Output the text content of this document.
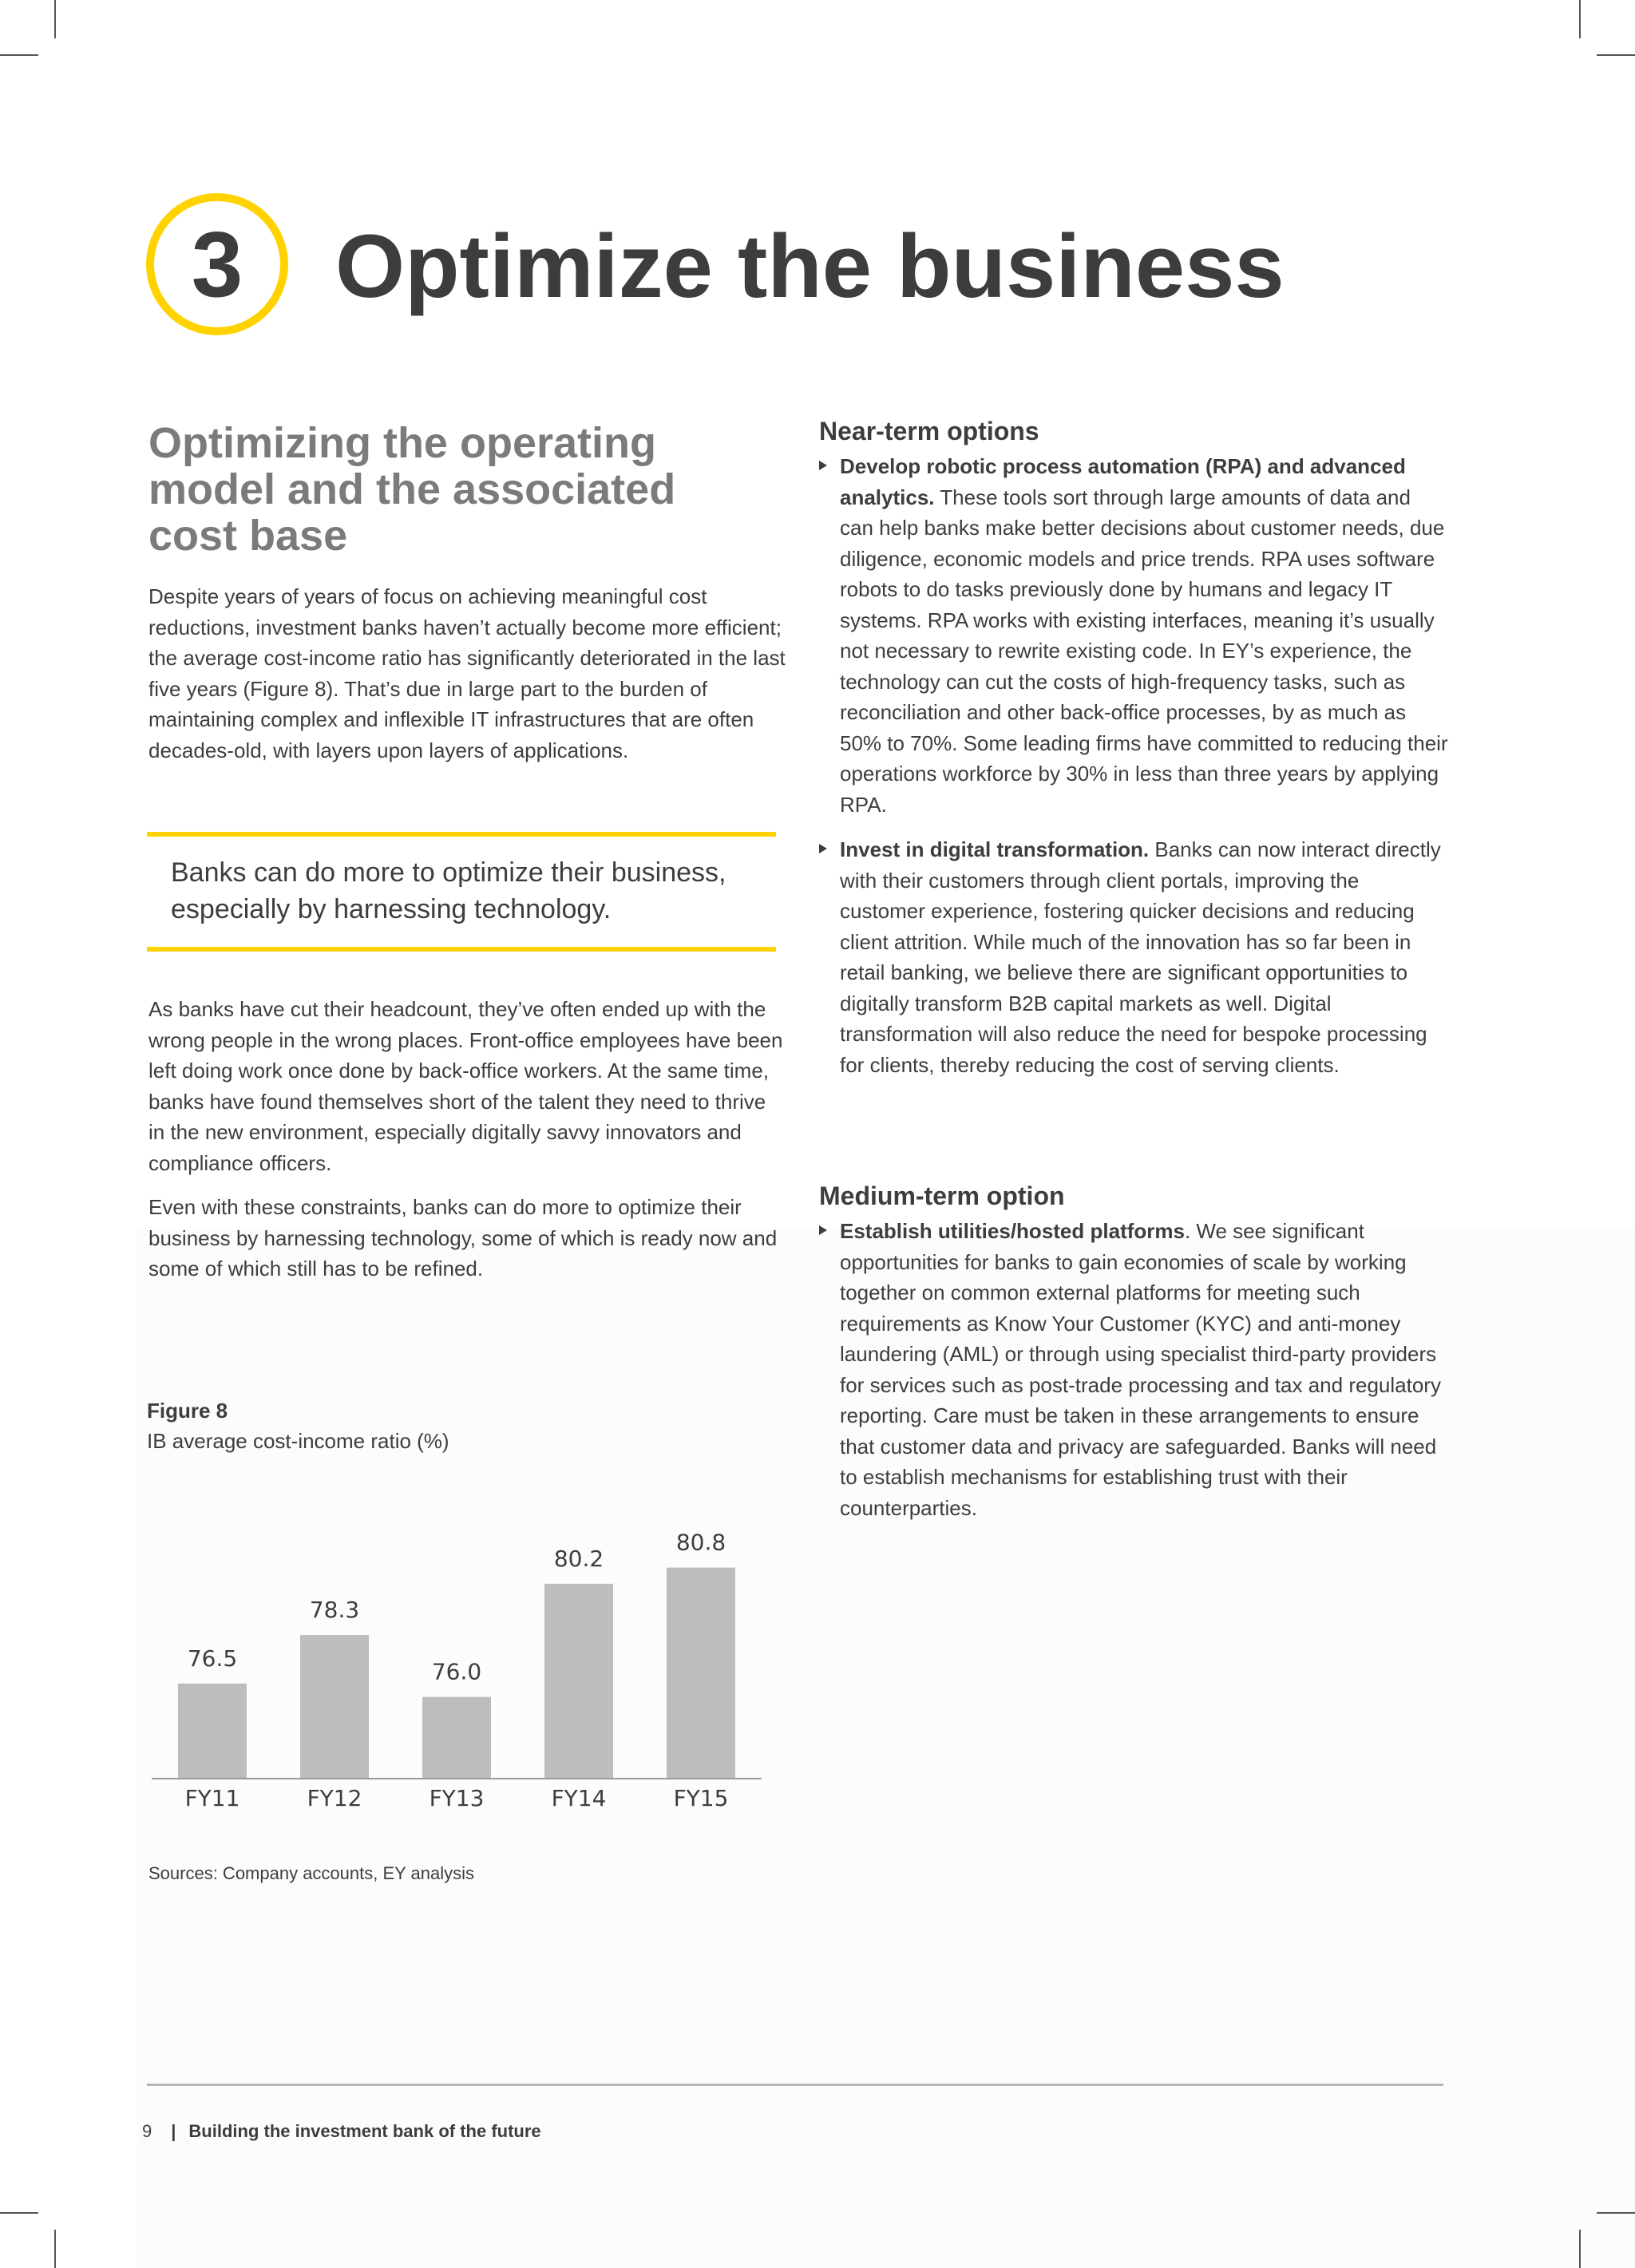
3 Optimize the business
Optimizing the operating model and the associated cost base

Despite years of years of focus on achieving meaningful cost reductions, investment banks haven’t actually become more efficient; the average cost-income ratio has significantly deteriorated in the last five years (Figure 8). That’s due in large part to the burden of maintaining complex and inflexible IT infrastructures that are often decades-old, with layers upon layers of applications.

Banks can do more to optimize their business, especially by harnessing technology.

As banks have cut their headcount, they’ve often ended up with the wrong people in the wrong places. Front-office employees have been left doing work once done by back-office workers. At the same time, banks have found themselves short of the talent they need to thrive in the new environment, especially digitally savvy innovators and compliance officers.

Even with these constraints, banks can do more to optimize their business by harnessing technology, some of which is ready now and some of which still has to be refined.

Figure 8
IB average cost-income ratio (%)
76.5
FY11
78.3
FY12
76.0
FY13
80.2
FY14
80.8
FY15
Sources: Company accounts, EY analysis
Near-term options

Develop robotic process automation (RPA) and advanced analytics. These tools sort through large amounts of data and can help banks make better decisions about customer needs, due diligence, economic models and price trends. RPA uses software robots to do tasks previously done by humans and legacy IT systems. RPA works with existing interfaces, meaning it’s usually not necessary to rewrite existing code. In EY’s experience, the technology can cut the costs of high-frequency tasks, such as reconciliation and other back-office processes, by as much as 50% to 70%. Some leading firms have committed to reducing their operations workforce by 30% in less than three years by applying RPA.

Invest in digital transformation. Banks can now interact directly with their customers through client portals, improving the customer experience, fostering quicker decisions and reducing client attrition. While much of the innovation has so far been in retail banking, we believe there are significant opportunities to digitally transform B2B capital markets as well. Digital transformation will also reduce the need for bespoke processing for clients, thereby reducing the cost of serving clients.

Medium-term option

Establish utilities/hosted platforms. We see significant opportunities for banks to gain economies of scale by working together on common external platforms for meeting such requirements as Know Your Customer (KYC) and anti-money laundering (AML) or through using specialist third-party providers for services such as post-trade processing and tax and regulatory reporting. Care must be taken in these arrangements to ensure that customer data and privacy are safeguarded. Banks will need to establish mechanisms for establishing trust with their counterparties.

9 | Building the investment bank of the future
